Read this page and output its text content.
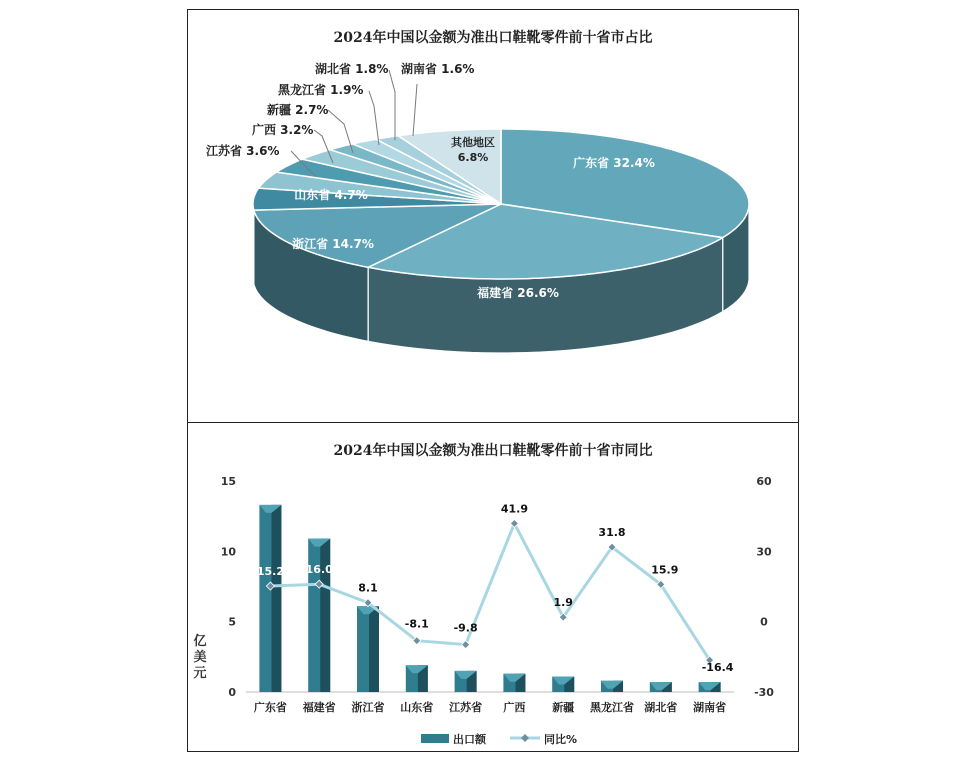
2024年中国以金额为准出口鞋靴零件前十省市占比
广东省 32.4%
福建省 26.6%
浙江省 14.7%
山东省 4.7%
其他地区
6.8%
江苏省 3.6%
广西 3.2%
新疆 2.7%
黑龙江省 1.9%
湖北省 1.8% 湖南省 1.6%
2024年中国以金额为准出口鞋靴零件前十省市同比
0
5
10
15
-30
0
30
60
亿
美
元
15.2 16.0
8.1
-8.1 -9.8
41.9
1.9
31.8
15.9
-16.4
广东省 福建省 浙江省 山东省 江苏省 广西 新疆 黑龙江省 湖北省 湖南省
出口额	同比%
